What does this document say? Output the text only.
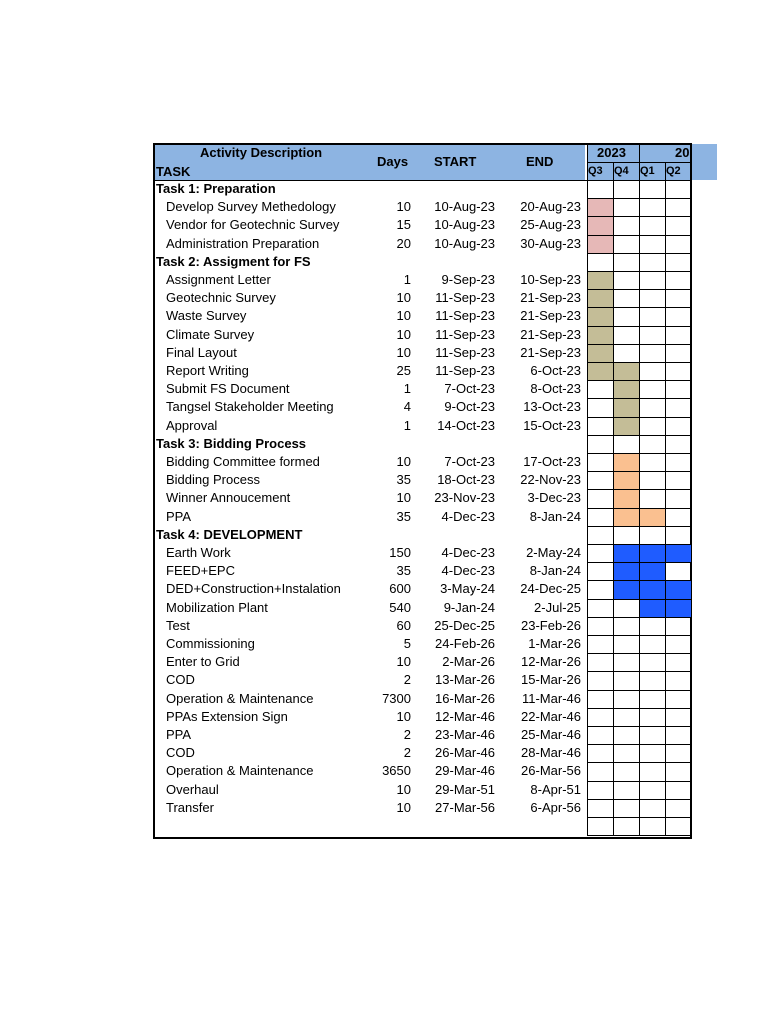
Activity Description
TASK
Days START	END
2023	20
Q3 Q4 Q1 Q2
Task 1: Preparation
Develop Survey Methedology	10	10-Aug-23	20-Aug-23
Vendor for Geotechnic Survey	15	10-Aug-23	25-Aug-23
Administration Preparation	20	10-Aug-23	30-Aug-23
Task 2: Assigment for FS
Assignment Letter	1	9-Sep-23	10-Sep-23
Geotechnic Survey	10	11-Sep-23	21-Sep-23
Waste Survey	10	11-Sep-23	21-Sep-23
Climate Survey	10	11-Sep-23	21-Sep-23
Final Layout	10	11-Sep-23	21-Sep-23
Report Writing	25	11-Sep-23	6-Oct-23
Submit FS Document	1	7-Oct-23	8-Oct-23
Tangsel Stakeholder Meeting	4	9-Oct-23	13-Oct-23
Approval	1	14-Oct-23	15-Oct-23
Task 3: Bidding Process
Bidding Committee formed	10	7-Oct-23	17-Oct-23
Bidding Process	35	18-Oct-23	22-Nov-23
Winner Annoucement	10	23-Nov-23	3-Dec-23
PPA	35	4-Dec-23	8-Jan-24
Task 4: DEVELOPMENT
Earth Work	150	4-Dec-23	2-May-24
FEED+EPC	35	4-Dec-23	8-Jan-24
DED+Construction+Instalation	600	3-May-24	24-Dec-25
Mobilization Plant	540	9-Jan-24	2-Jul-25
Test	60	25-Dec-25	23-Feb-26
Commissioning	5	24-Feb-26	1-Mar-26
Enter to Grid	10	2-Mar-26	12-Mar-26
COD	2	13-Mar-26	15-Mar-26
Operation & Maintenance	7300	16-Mar-26	11-Mar-46
PPAs Extension Sign	10	12-Mar-46	22-Mar-46
PPA	2	23-Mar-46	25-Mar-46
COD	2	26-Mar-46	28-Mar-46
Operation & Maintenance	3650	29-Mar-46	26-Mar-56
Overhaul	10	29-Mar-51	8-Apr-51
Transfer	10	27-Mar-56	6-Apr-56
